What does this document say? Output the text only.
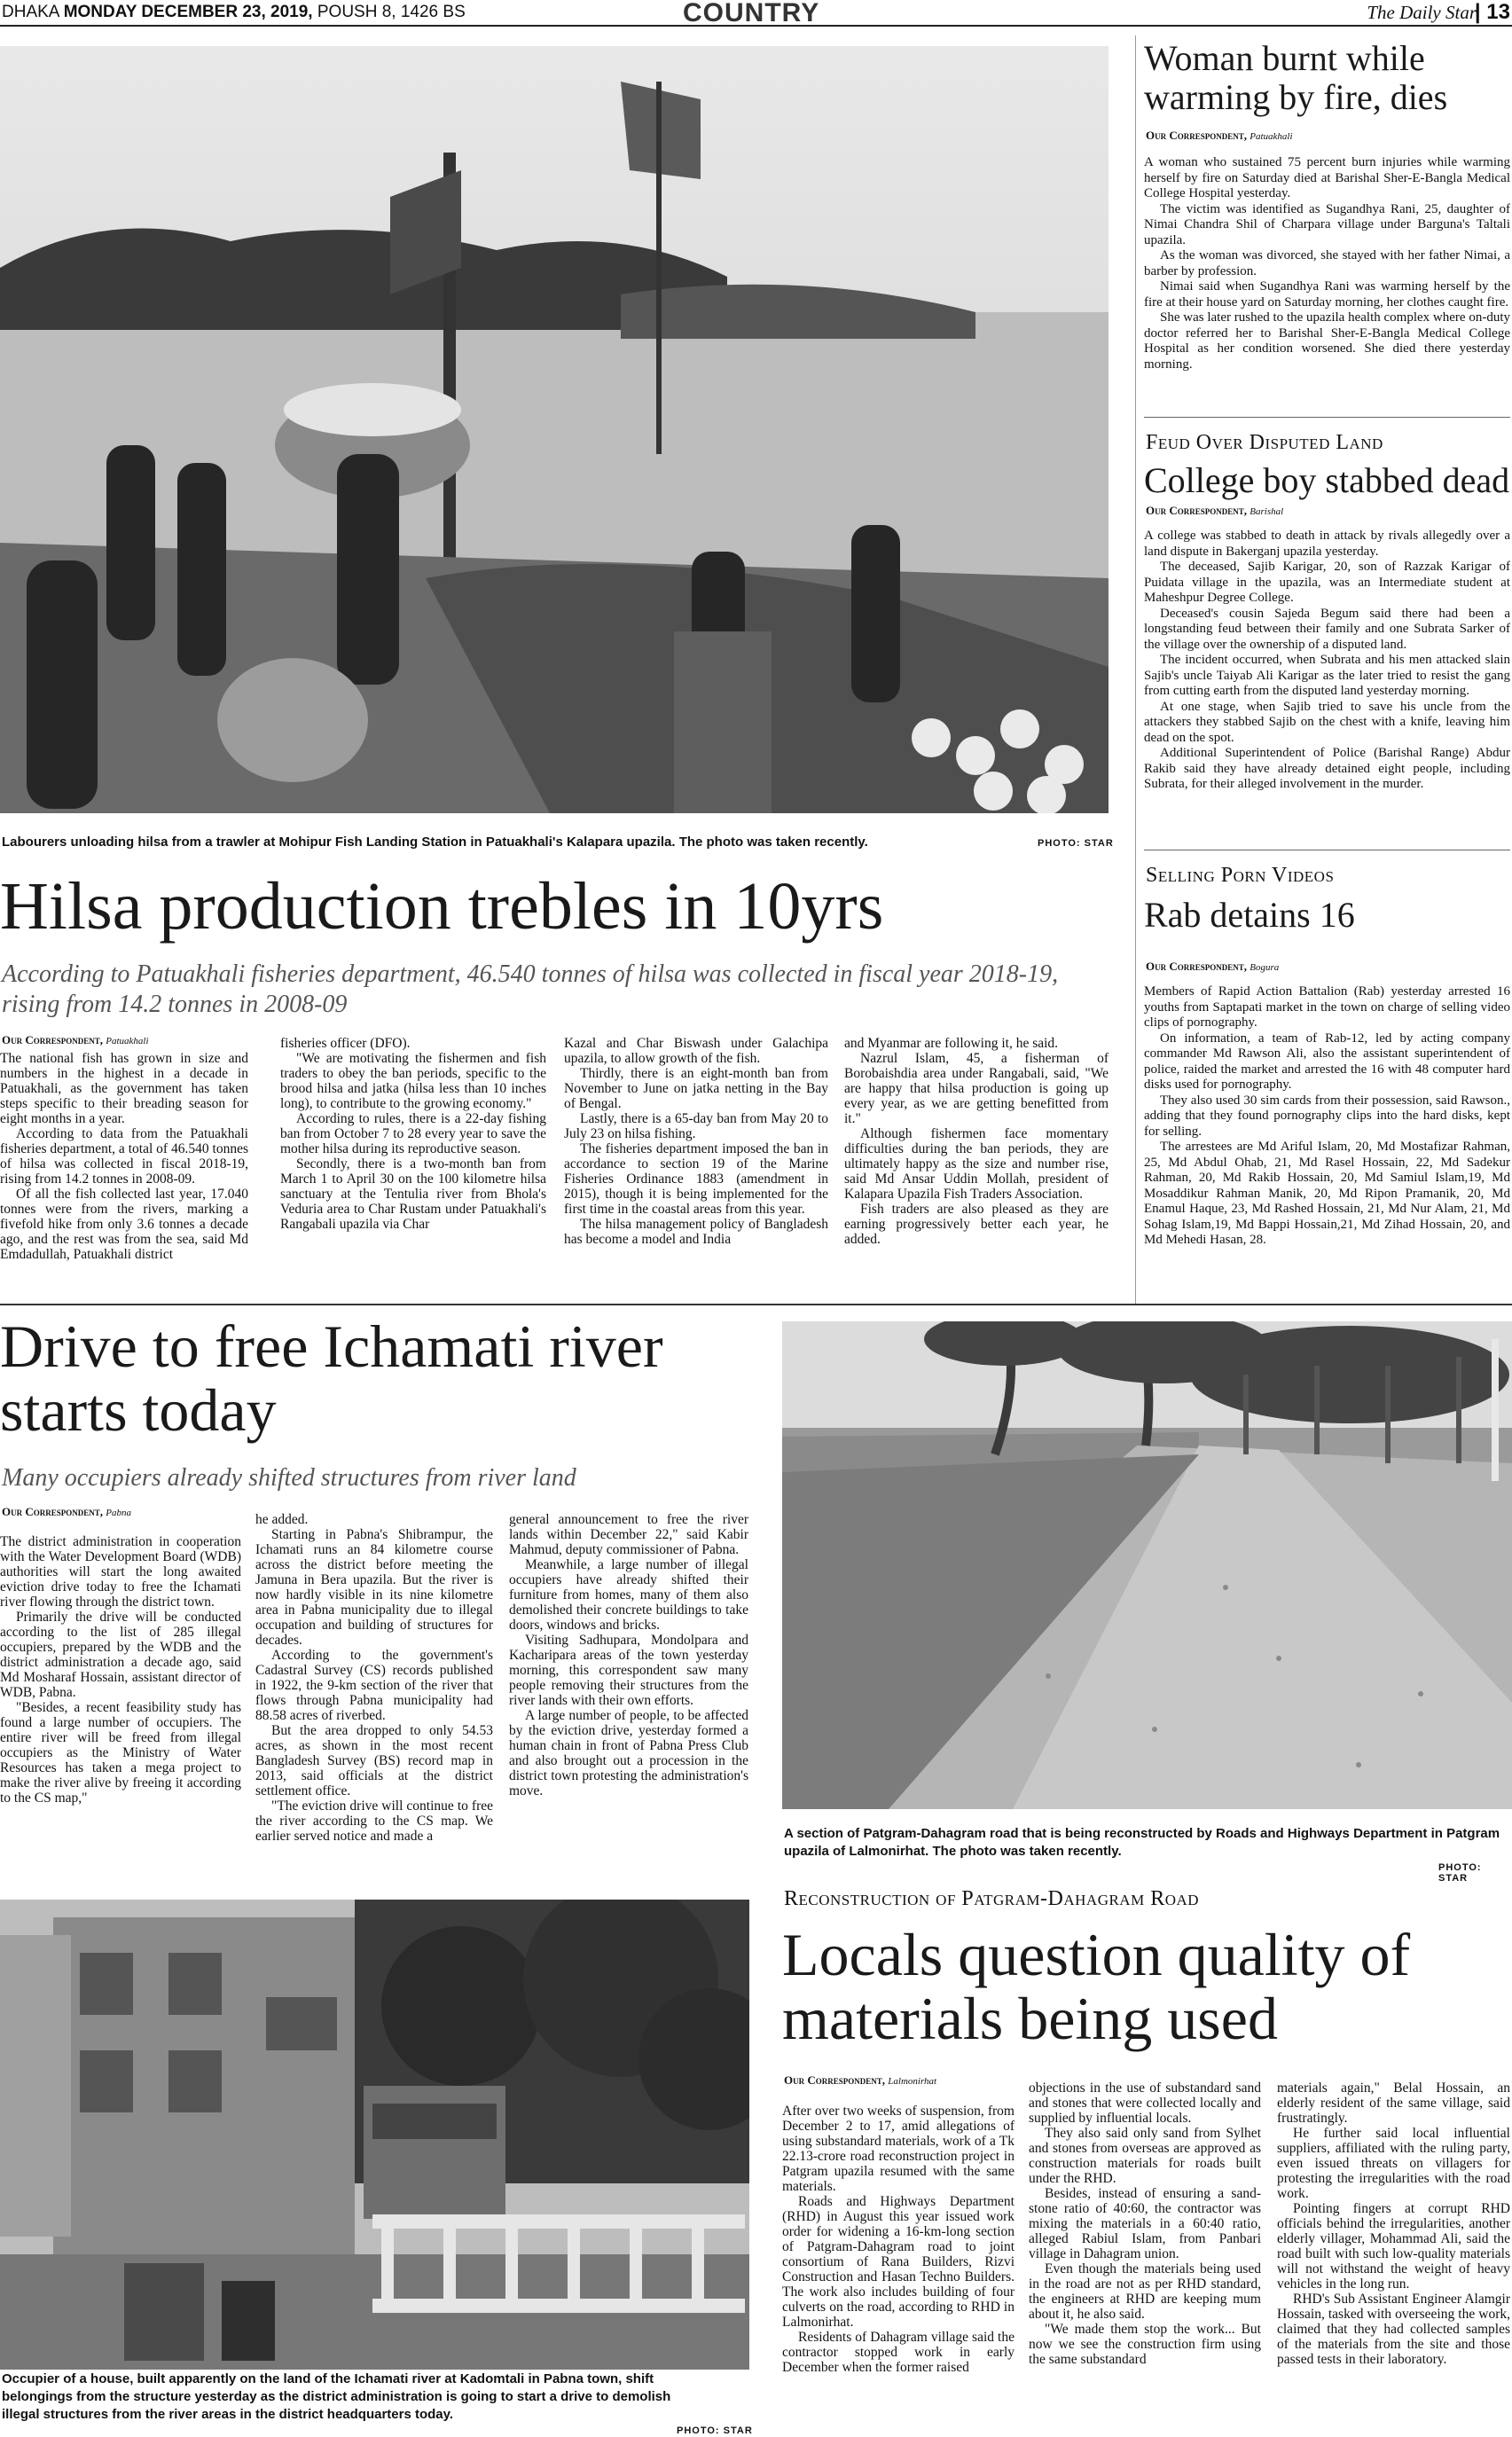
DHAKA MONDAY DECEMBER 23, 2019, POUSH 8, 1426 BS	COUNTRY	The Daily Star
| 13
Labourers unloading hilsa from a trawler at Mohipur Fish Landing Station in Patuakhali's Kalapara upazila. The photo was taken recently.	PHOTO: STAR
Hilsa production trebles in 10yrs
According to Patuakhali fisheries department, 46.540 tonnes of hilsa was collected in fiscal year 2018-19, rising from 14.2 tonnes in 2008-09
Our Correspondent, Patuakhali

The national fish has grown in size and numbers in the highest in a decade in Patuakhali, as the government has taken steps specific to their breading season for eight months in a year.

According to data from the Patuakhali fisheries department, a total of 46.540 tonnes of hilsa was collected in fiscal 2018-19, rising from 14.2 tonnes in 2008-09.

Of all the fish collected last year, 17.040 tonnes were from the rivers, marking a fivefold hike from only 3.6 tonnes a decade ago, and the rest was from the sea, said Md Emdadullah, Patuakhali district

fisheries officer (DFO).

"We are motivating the fishermen and fish traders to obey the ban periods, specific to the brood hilsa and jatka (hilsa less than 10 inches long), to contribute to the growing economy."

According to rules, there is a 22-day fishing ban from October 7 to 28 every year to save the mother hilsa during its reproductive season.

Secondly, there is a two-month ban from March 1 to April 30 on the 100 kilometre hilsa sanctuary at the Tentulia river from Bhola's Veduria area to Char Rustam under Patuakhali's Rangabali upazila via Char

Kazal and Char Biswash under Galachipa upazila, to allow growth of the fish.

Thirdly, there is an eight-month ban from November to June on jatka netting in the Bay of Bengal.

Lastly, there is a 65-day ban from May 20 to July 23 on hilsa fishing.

The fisheries department imposed the ban in accordance to section 19 of the Marine Fisheries Ordinance 1883 (amendment in 2015), though it is being implemented for the first time in the coastal areas from this year.

The hilsa management policy of Bangladesh has become a model and India

and Myanmar are following it, he said.

Nazrul Islam, 45, a fisherman of Borobaishdia area under Rangabali, said, "We are happy that hilsa production is going up every year, as we are getting benefitted from it."

Although fishermen face momentary difficulties during the ban periods, they are ultimately happy as the size and number rise, said Md Ansar Uddin Mollah, president of Kalapara Upazila Fish Traders Association.

Fish traders are also pleased as they are earning progressively better each year, he added.

Woman burnt while warming by fire, dies
Our Correspondent, Patuakhali

A woman who sustained 75 percent burn injuries while warming herself by fire on Saturday died at Barishal Sher-E-Bangla Medical College Hospital yesterday.

The victim was identified as Sugandhya Rani, 25, daughter of Nimai Chandra Shil of Charpara village under Barguna's Taltali upazila.

As the woman was divorced, she stayed with her father Nimai, a barber by profession.

Nimai said when Sugandhya Rani was warming herself by the fire at their house yard on Saturday morning, her clothes caught fire.

She was later rushed to the upazila health complex where on-duty doctor referred her to Barishal Sher-E-Bangla Medical College Hospital as her condition worsened. She died there yesterday morning.

Feud Over Disputed Land
College boy stabbed dead
Our Correspondent, Barishal

A college was stabbed to death in attack by rivals allegedly over a land dispute in Bakerganj upazila yesterday.

The deceased, Sajib Karigar, 20, son of Razzak Karigar of Puidata village in the upazila, was an Intermediate student at Maheshpur Degree College.

Deceased's cousin Sajeda Begum said there had been a longstanding feud between their family and one Subrata Sarker of the village over the ownership of a disputed land.

The incident occurred, when Subrata and his men attacked slain Sajib's uncle Taiyab Ali Karigar as the later tried to resist the gang from cutting earth from the disputed land yesterday morning.

At one stage, when Sajib tried to save his uncle from the attackers they stabbed Sajib on the chest with a knife, leaving him dead on the spot.

Additional Superintendent of Police (Barishal Range) Abdur Rakib said they have already detained eight people, including Subrata, for their alleged involvement in the murder.

Selling Porn Videos
Rab detains 16
Our Correspondent, Bogura

Members of Rapid Action Battalion (Rab) yesterday arrested 16 youths from Saptapati market in the town on charge of selling video clips of pornography.

On information, a team of Rab-12, led by acting company commander Md Rawson Ali, also the assistant superintendent of police, raided the market and arrested the 16 with 48 computer hard disks used for pornography.

They also used 30 sim cards from their possession, said Rawson., adding that they found pornography clips into the hard disks, kept for selling.

The arrestees are Md Ariful Islam, 20, Md Mostafizar Rahman, 25, Md Abdul Ohab, 21, Md Rasel Hossain, 22, Md Sadekur Rahman, 20, Md Rakib Hossain, 20, Md Samiul Islam,19, Md Mosaddikur Rahman Manik, 20, Md Ripon Pramanik, 20, Md Enamul Haque, 23, Md Rashed Hossain, 21, Md Nur Alam, 21, Md Sohag Islam,19, Md Bappi Hossain,21, Md Zihad Hossain, 20, and Md Mehedi Hasan, 28.

Drive to free Ichamati river starts today
Many occupiers already shifted structures from river land
Our Correspondent, Pabna

The district administration in cooperation with the Water Development Board (WDB) authorities will start the long awaited eviction drive today to free the Ichamati river flowing through the district town.

Primarily the drive will be conducted according to the list of 285 illegal occupiers, prepared by the WDB and the district administration a decade ago, said Md Mosharaf Hossain, assistant director of WDB, Pabna.

"Besides, a recent feasibility study has found a large number of occupiers. The entire river will be freed from illegal occupiers as the Ministry of Water Resources has taken a mega project to make the river alive by freeing it according to the CS map,"

he added.

Starting in Pabna's Shibrampur, the Ichamati runs an 84 kilometre course across the district before meeting the Jamuna in Bera upazila. But the river is now hardly visible in its nine kilometre area in Pabna municipality due to illegal occupation and building of structures for decades.

According to the government's Cadastral Survey (CS) records published in 1922, the 9-km section of the river that flows through Pabna municipality had 88.58 acres of riverbed.

But the area dropped to only 54.53 acres, as shown in the most recent Bangladesh Survey (BS) record map in 2013, said officials at the district settlement office.

"The eviction drive will continue to free the river according to the CS map. We earlier served notice and made a

general announcement to free the river lands within December 22," said Kabir Mahmud, deputy commissioner of Pabna.

Meanwhile, a large number of illegal occupiers have already shifted their furniture from homes, many of them also demolished their concrete buildings to take doors, windows and bricks.

Visiting Sadhupara, Mondolpara and Kacharipara areas of the town yesterday morning, this correspondent saw many people removing their structures from the river lands with their own efforts.

A large number of people, to be affected by the eviction drive, yesterday formed a human chain in front of Pabna Press Club and also brought out a procession in the district town protesting the administration's move.

Occupier of a house, built apparently on the land of the Ichamati river at Kadomtali in Pabna town, shift belongings from the structure yesterday as the district administration is going to start a drive to demolish illegal structures from the river areas in the district headquarters today.
PHOTO: STAR
A section of Patgram-Dahagram road that is being reconstructed by Roads and Highways Department in Patgram upazila of Lalmonirhat. The photo was taken recently.
PHOTO: STAR
Reconstruction of Patgram-Dahagram Road
Locals question quality of materials being used
Our Correspondent, Lalmonirhat

After over two weeks of suspension, from December 2 to 17, amid allegations of using substandard materials, work of a Tk 22.13-crore road reconstruction project in Patgram upazila resumed with the same materials.

Roads and Highways Department (RHD) in August this year issued work order for widening a 16-km-long section of Patgram-Dahagram road to joint consortium of Rana Builders, Rizvi Construction and Hasan Techno Builders. The work also includes building of four culverts on the road, according to RHD in Lalmonirhat.

Residents of Dahagram village said the contractor stopped work in early December when the former raised

objections in the use of substandard sand and stones that were collected locally and supplied by influential locals.

They also said only sand from Sylhet and stones from overseas are approved as construction materials for roads built under the RHD.

Besides, instead of ensuring a sand-stone ratio of 40:60, the contractor was mixing the materials in a 60:40 ratio, alleged Rabiul Islam, from Panbari village in Dahagram union.

Even though the materials being used in the road are not as per RHD standard, the engineers at RHD are keeping mum about it, he also said.

"We made them stop the work... But now we see the construction firm using the same substandard

materials again," Belal Hossain, an elderly resident of the same village, said frustratingly.

He further said local influential suppliers, affiliated with the ruling party, even issued threats on villagers for protesting the irregularities with the road work.

Pointing fingers at corrupt RHD officials behind the irregularities, another elderly villager, Mohammad Ali, said the road built with such low-quality materials will not withstand the weight of heavy vehicles in the long run.

RHD's Sub Assistant Engineer Alamgir Hossain, tasked with overseeing the work, claimed that they had collected samples of the materials from the site and those passed tests in their laboratory.
